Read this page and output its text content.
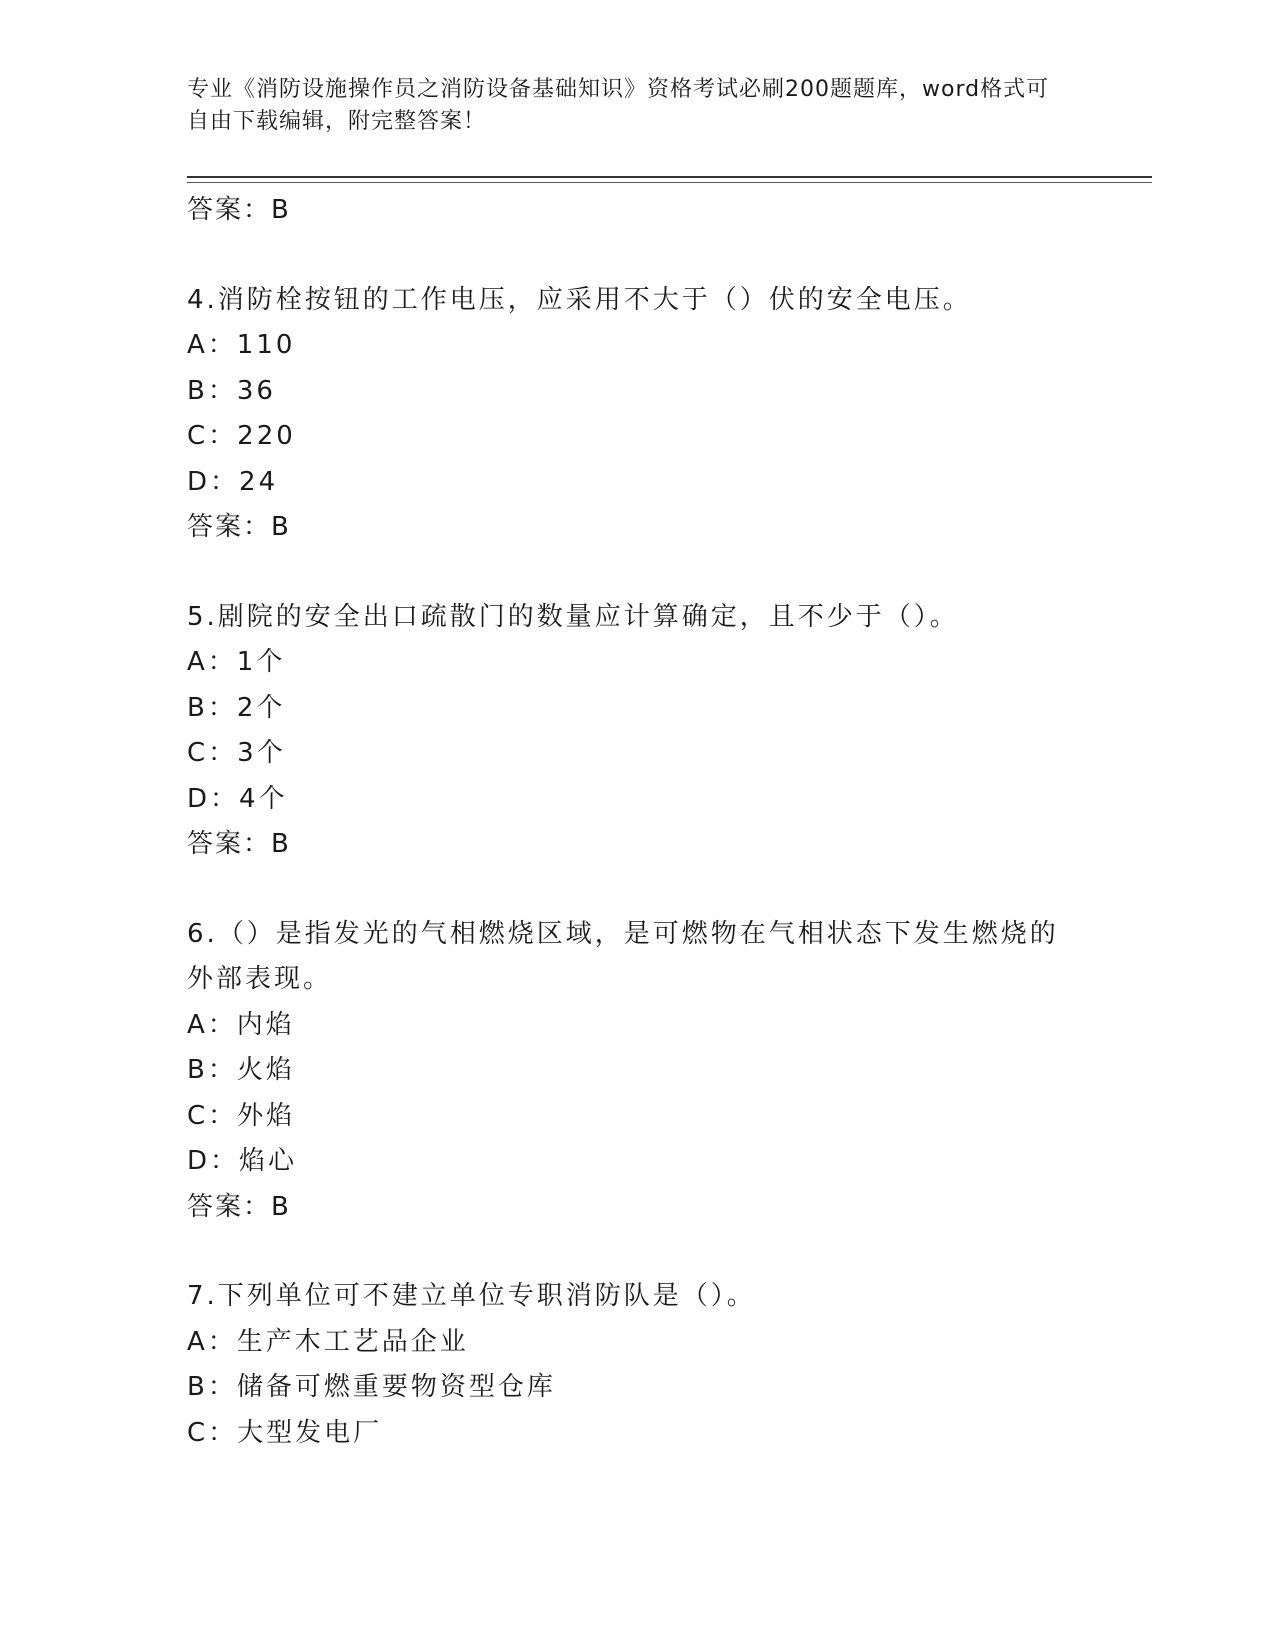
专业《消防设施操作员之消防设备基础知识》资格考试必刷200题题库，word格式可自由下载编辑，附完整答案！

答案：B

4.消防栓按钮的工作电压，应采用不大于（）伏的安全电压。

A：110

B：36

C：220

D：24

答案：B

5.剧院的安全出口疏散门的数量应计算确定，且不少于（）。

A：1个

B：2个

C：3个

D：4个

答案：B

6.（）是指发光的气相燃烧区域，是可燃物在气相状态下发生燃烧的外部表现。

A：内焰

B：火焰

C：外焰

D：焰心

答案：B

7.下列单位可不建立单位专职消防队是（）。

A：生产木工艺品企业

B：储备可燃重要物资型仓库

C：大型发电厂
